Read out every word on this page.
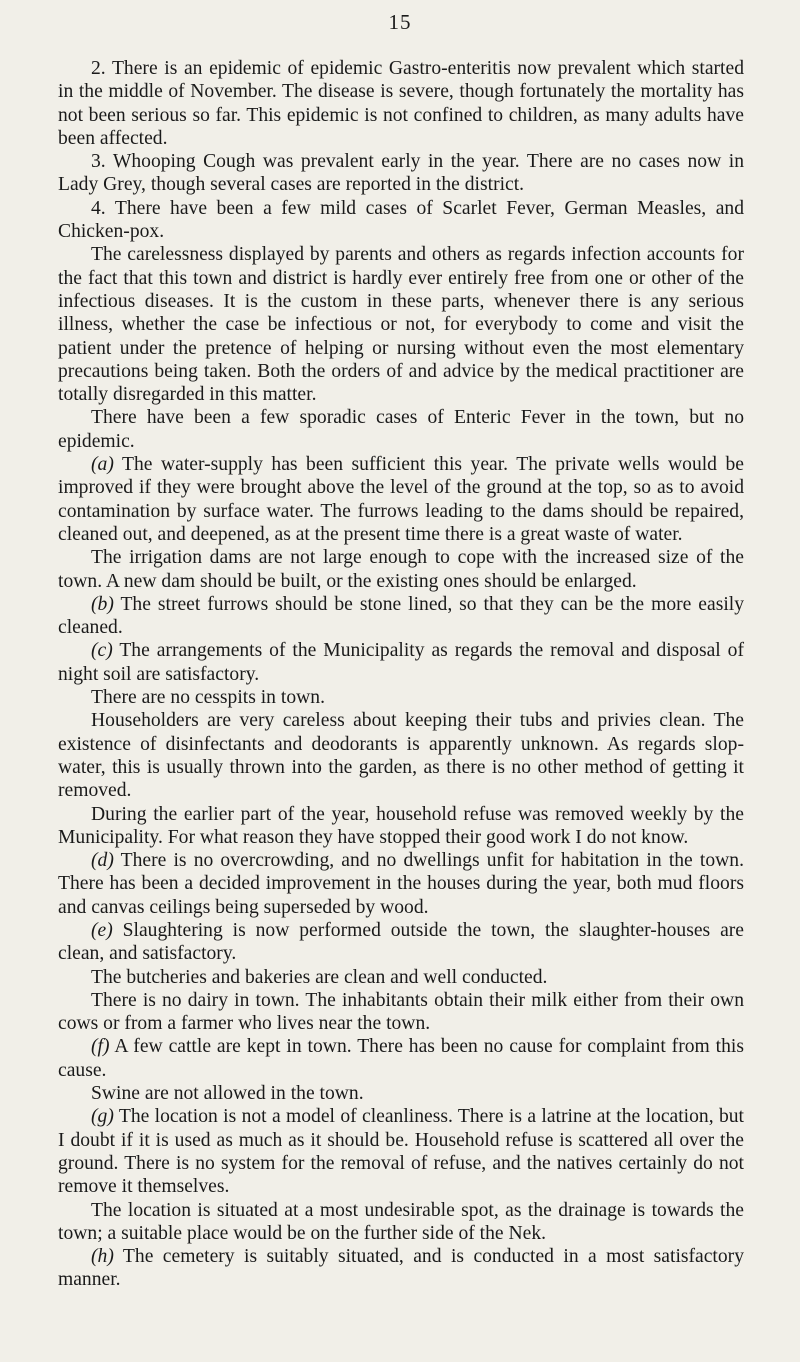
15

2. There is an epidemic of epidemic Gastro-enteritis now prevalent which started in the middle of November. The disease is severe, though fortunately the mortality has not been serious so far. This epidemic is not confined to children, as many adults have been affected.

3. Whooping Cough was prevalent early in the year. There are no cases now in Lady Grey, though several cases are reported in the district.

4. There have been a few mild cases of Scarlet Fever, German Measles, and Chicken-pox.

The carelessness displayed by parents and others as regards infection accounts for the fact that this town and district is hardly ever entirely free from one or other of the infectious diseases. It is the custom in these parts, whenever there is any serious illness, whether the case be infectious or not, for everybody to come and visit the patient under the pretence of helping or nursing without even the most elementary precautions being taken. Both the orders of and advice by the medical practitioner are totally disregarded in this matter.

There have been a few sporadic cases of Enteric Fever in the town, but no epidemic.

(a) The water-supply has been sufficient this year. The private wells would be improved if they were brought above the level of the ground at the top, so as to avoid contamination by surface water. The furrows leading to the dams should be repaired, cleaned out, and deepened, as at the present time there is a great waste of water.

The irrigation dams are not large enough to cope with the increased size of the town. A new dam should be built, or the existing ones should be enlarged.

(b) The street furrows should be stone lined, so that they can be the more easily cleaned.

(c) The arrangements of the Municipality as regards the removal and disposal of night soil are satisfactory.

There are no cesspits in town.

Householders are very careless about keeping their tubs and privies clean. The existence of disinfectants and deodorants is apparently unknown. As regards slop-water, this is usually thrown into the garden, as there is no other method of getting it removed.

During the earlier part of the year, household refuse was removed weekly by the Municipality. For what reason they have stopped their good work I do not know.

(d) There is no overcrowding, and no dwellings unfit for habitation in the town. There has been a decided improvement in the houses during the year, both mud floors and canvas ceilings being superseded by wood.

(e) Slaughtering is now performed outside the town, the slaughter-houses are clean, and satisfactory.

The butcheries and bakeries are clean and well conducted.

There is no dairy in town. The inhabitants obtain their milk either from their own cows or from a farmer who lives near the town.

(f) A few cattle are kept in town. There has been no cause for complaint from this cause.

Swine are not allowed in the town.

(g) The location is not a model of cleanliness. There is a latrine at the location, but I doubt if it is used as much as it should be. Household refuse is scattered all over the ground. There is no system for the removal of refuse, and the natives certainly do not remove it themselves.

The location is situated at a most undesirable spot, as the drainage is towards the town; a suitable place would be on the further side of the Nek.

(h) The cemetery is suitably situated, and is conducted in a most satisfactory manner.
